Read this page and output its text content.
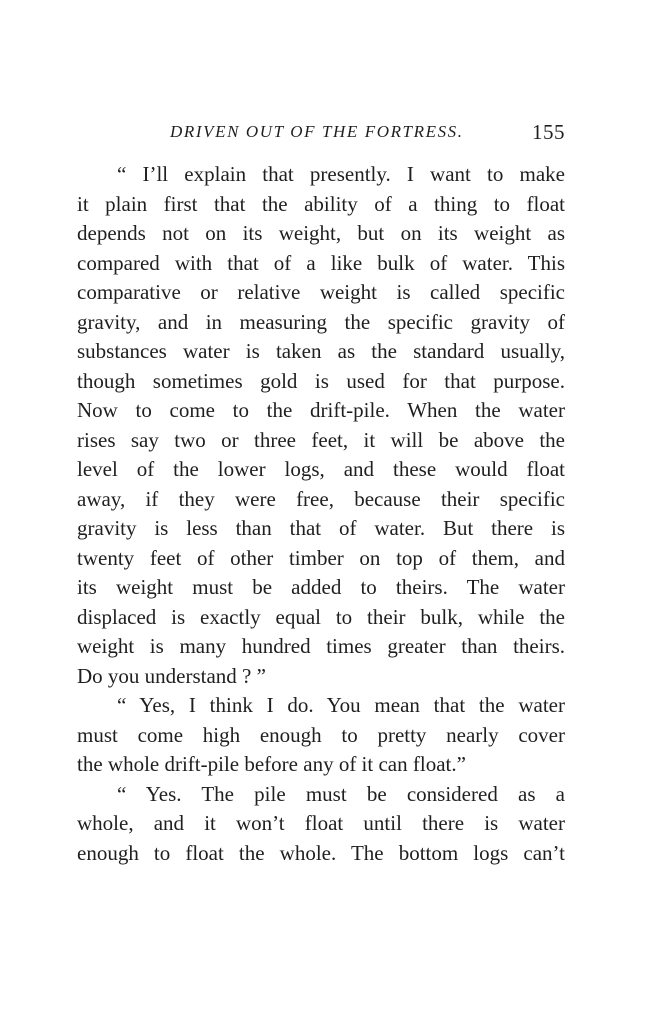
DRIVEN OUT OF THE FORTRESS.	155
“ I’ll explain that presently. I want to make
it plain first that the ability of a thing to float
depends not on its weight, but on its weight as
compared with that of a like bulk of water. This
comparative or relative weight is called specific
gravity, and in measuring the specific gravity of
substances water is taken as the standard usually,
though sometimes gold is used for that purpose.
Now to come to the drift-pile. When the water
rises say two or three feet, it will be above the
level of the lower logs, and these would float
away, if they were free, because their specific
gravity is less than that of water. But there is
twenty feet of other timber on top of them, and
its weight must be added to theirs. The water
displaced is exactly equal to their bulk, while the
weight is many hundred times greater than theirs.
Do you understand ? ”
“ Yes, I think I do. You mean that the water
must come high enough to pretty nearly cover
the whole drift-pile before any of it can float.”
“ Yes. The pile must be considered as a
whole, and it won’t float until there is water
enough to float the whole. The bottom logs can’t
